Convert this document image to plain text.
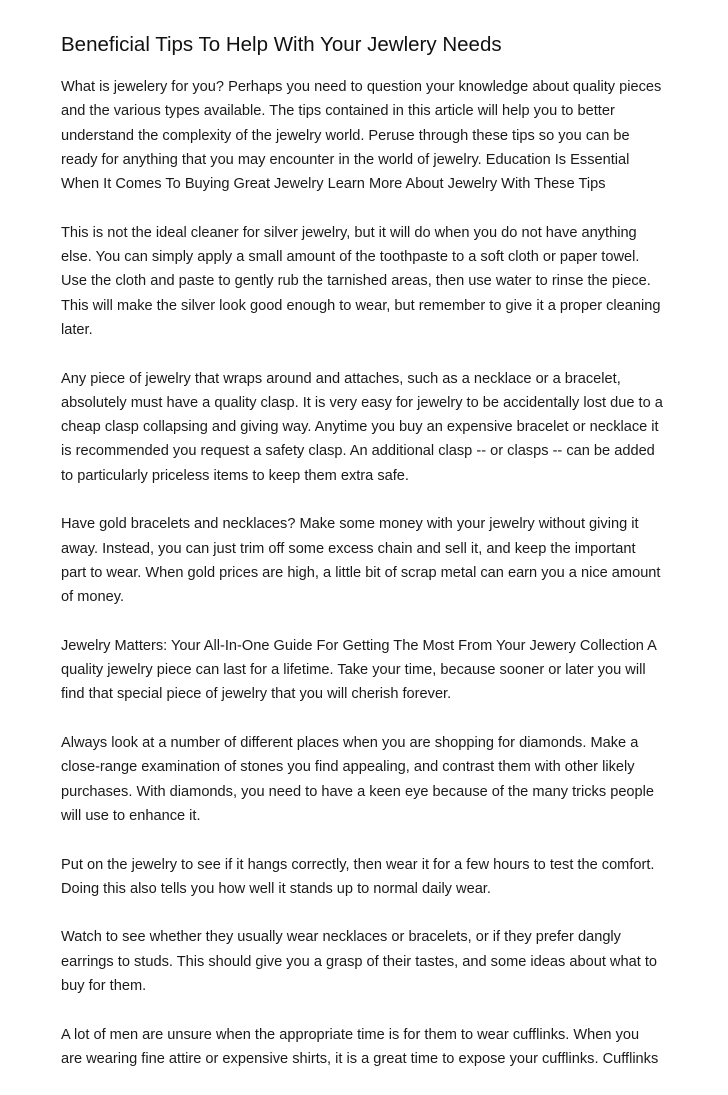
Beneficial Tips To Help With Your Jewlery Needs

What is jewelery for you? Perhaps you need to question your knowledge about quality pieces
and the various types available. The tips contained in this article will help you to better
understand the complexity of the jewelry world. Peruse through these tips so you can be
ready for anything that you may encounter in the world of jewelry. Education Is Essential
When It Comes To Buying Great Jewelry Learn More About Jewelry With These Tips

This is not the ideal cleaner for silver jewelry, but it will do when you do not have anything
else. You can simply apply a small amount of the toothpaste to a soft cloth or paper towel.
Use the cloth and paste to gently rub the tarnished areas, then use water to rinse the piece.
This will make the silver look good enough to wear, but remember to give it a proper cleaning
later.

Any piece of jewelry that wraps around and attaches, such as a necklace or a bracelet,
absolutely must have a quality clasp. It is very easy for jewelry to be accidentally lost due to a
cheap clasp collapsing and giving way. Anytime you buy an expensive bracelet or necklace it
is recommended you request a safety clasp. An additional clasp -- or clasps -- can be added
to particularly priceless items to keep them extra safe.

Have gold bracelets and necklaces? Make some money with your jewelry without giving it
away. Instead, you can just trim off some excess chain and sell it, and keep the important
part to wear. When gold prices are high, a little bit of scrap metal can earn you a nice amount
of money.

Jewelry Matters: Your All-In-One Guide For Getting The Most From Your Jewery Collection A
quality jewelry piece can last for a lifetime. Take your time, because sooner or later you will
find that special piece of jewelry that you will cherish forever.

Always look at a number of different places when you are shopping for diamonds. Make a
close-range examination of stones you find appealing, and contrast them with other likely
purchases. With diamonds, you need to have a keen eye because of the many tricks people
will use to enhance it.

Put on the jewelry to see if it hangs correctly, then wear it for a few hours to test the comfort.
Doing this also tells you how well it stands up to normal daily wear.

Watch to see whether they usually wear necklaces or bracelets, or if they prefer dangly
earrings to studs. This should give you a grasp of their tastes, and some ideas about what to
buy for them.

A lot of men are unsure when the appropriate time is for them to wear cufflinks. When you
are wearing fine attire or expensive shirts, it is a great time to expose your cufflinks. Cufflinks
